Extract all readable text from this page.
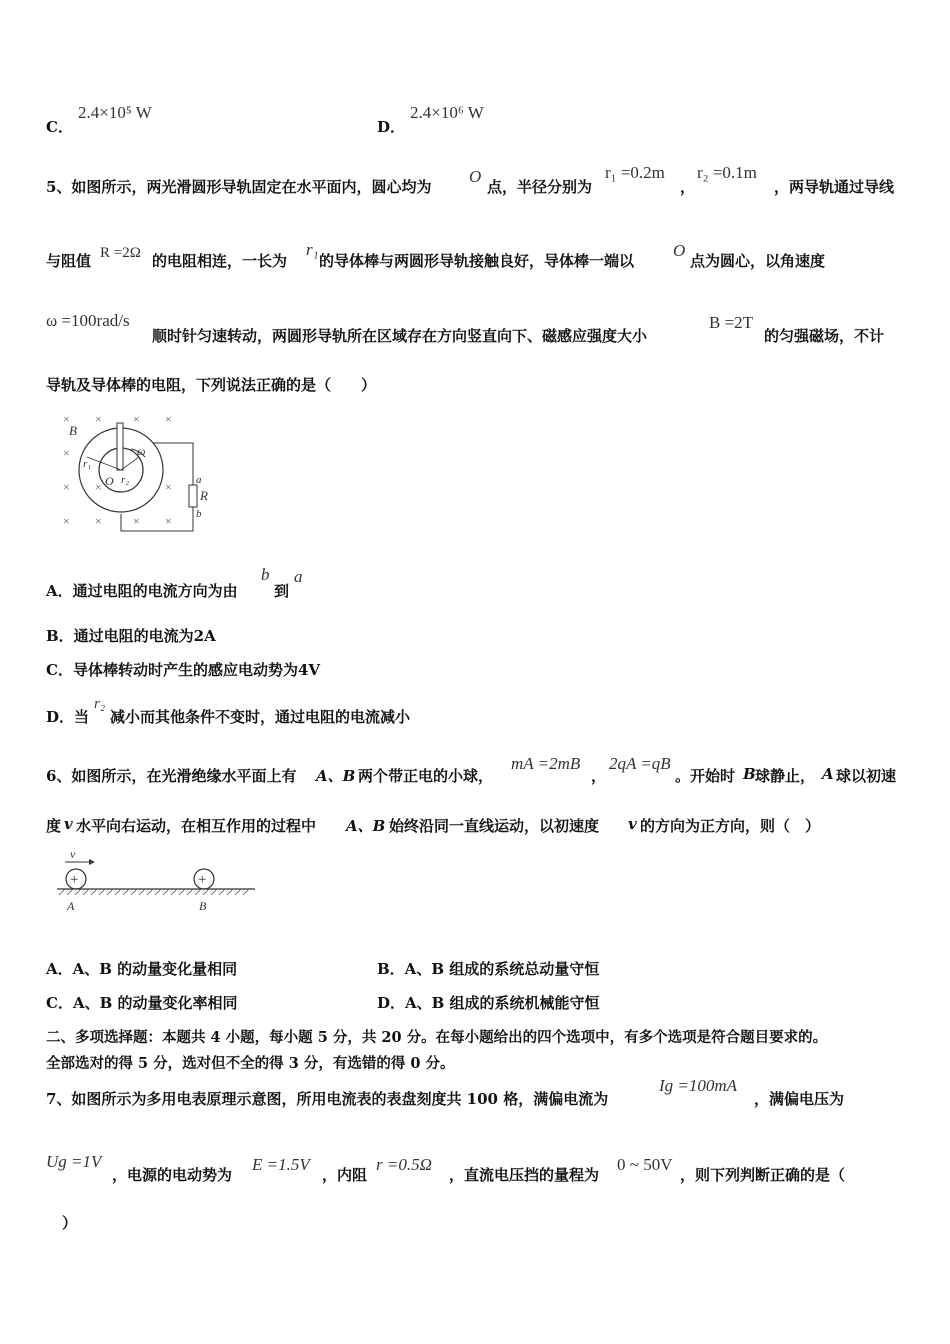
C．
2.4×10⁵ W
D．
2.4×10⁶ W
5、如图所示，两光滑圆形导轨固定在水平面内，圆心均为
O
点，半径分别为
r₁ =0.2m
，
r₂ =0.1m
，两导轨通过导线
与阻值 R =2Ω 的电阻相连，一长为
r₁
的导体棒与两圆形导轨接触良好，导体棒一端以
O
点为圆心，以角速度
ω =100rad/s
顺时针匀速转动，两圆形导轨所在区域存在方向竖直向下、磁感应强度大小
B =2T
的匀强磁场，不计
导轨及导体棒的电阻，下列说法正确的是（　　）
× ×	× ×
×
× ×	×
× ×	× ×
B
r₁
r₂
O
ω
a
R
b
A．通过电阻的电流方向为由
b
到
a
B．通过电阻的电流为2A
C．导体棒转动时产生的感应电动势为4V
D．当
r₂
减小而其他条件不变时，通过电阻的电流减小
6、如图所示，在光滑绝缘水平面上有 A、B 两个带正电的小球，
mA =2mB
，
2qA =qB
。开始时 B 球静止， A 球以初速
度 v 水平向右运动，在相互作用的过程中 A、B 始终沿同一直线运动，以初速度 v 的方向为正方向，则（　）
v
+	+
A	B
A．A、B 的动量变化量相同	B．A、B 组成的系统总动量守恒
C．A、B 的动量变化率相同	D．A、B 组成的系统机械能守恒
二、多项选择题：本题共 4 小题，每小题 5 分，共 20 分。在每小题给出的四个选项中，有多个选项是符合题目要求的。
全部选对的得 5 分，选对但不全的得 3 分，有选错的得 0 分。
7、如图所示为多用电表原理示意图，所用电流表的表盘刻度共 100 格，满偏电流为
Ig =100mA
，满偏电压为
Ug =1V
，电源的电动势为
E =1.5V
，内阻
r =0.5Ω
，直流电压挡的量程为
0 ~ 50V
，则下列判断正确的是（
）
